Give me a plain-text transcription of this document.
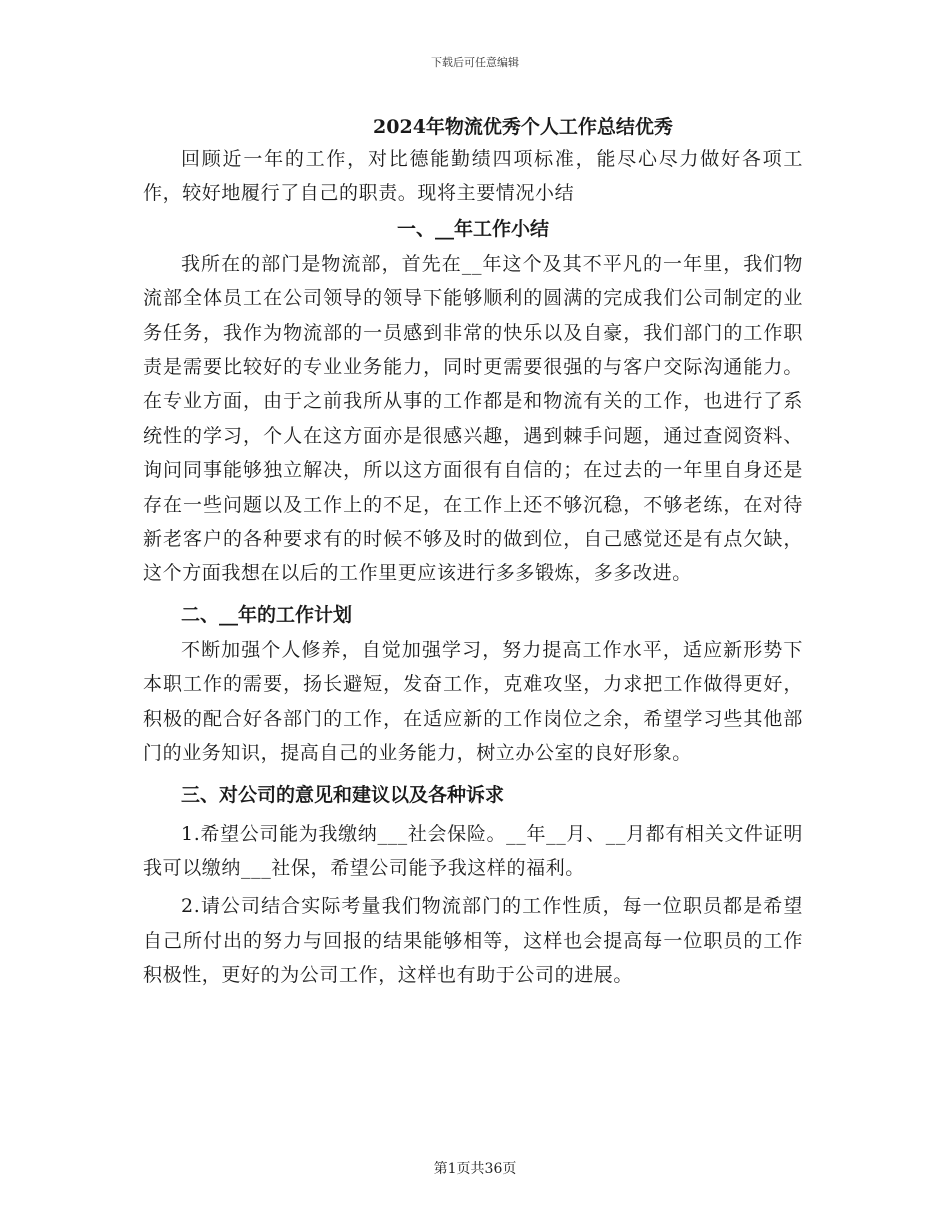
下载后可任意编辑
2024年物流优秀个人工作总结优秀

回顾近一年的工作，对比德能勤绩四项标准，能尽心尽力做好各项工作，较好地履行了自己的职责。现将主要情况小结

一、__年工作小结

我所在的部门是物流部，首先在__年这个及其不平凡的一年里，我们物流部全体员工在公司领导的领导下能够顺利的圆满的完成我们公司制定的业务任务，我作为物流部的一员感到非常的快乐以及自豪，我们部门的工作职责是需要比较好的专业业务能力，同时更需要很强的与客户交际沟通能力。在专业方面，由于之前我所从事的工作都是和物流有关的工作，也进行了系统性的学习，个人在这方面亦是很感兴趣，遇到棘手问题，通过查阅资料、询问同事能够独立解决，所以这方面很有自信的；在过去的一年里自身还是存在一些问题以及工作上的不足，在工作上还不够沉稳，不够老练，在对待新老客户的各种要求有的时候不够及时的做到位，自己感觉还是有点欠缺，这个方面我想在以后的工作里更应该进行多多锻炼，多多改进。

二、__年的工作计划

不断加强个人修养，自觉加强学习，努力提高工作水平，适应新形势下本职工作的需要，扬长避短，发奋工作，克难攻坚，力求把工作做得更好，积极的配合好各部门的工作，在适应新的工作岗位之余，希望学习些其他部门的业务知识，提高自己的业务能力，树立办公室的良好形象。

三、对公司的意见和建议以及各种诉求

1.希望公司能为我缴纳___社会保险。__年__月、__月都有相关文件证明我可以缴纳___社保，希望公司能予我这样的福利。

2.请公司结合实际考量我们物流部门的工作性质，每一位职员都是希望自己所付出的努力与回报的结果能够相等，这样也会提高每一位职员的工作积极性，更好的为公司工作，这样也有助于公司的进展。

第1页共36页
